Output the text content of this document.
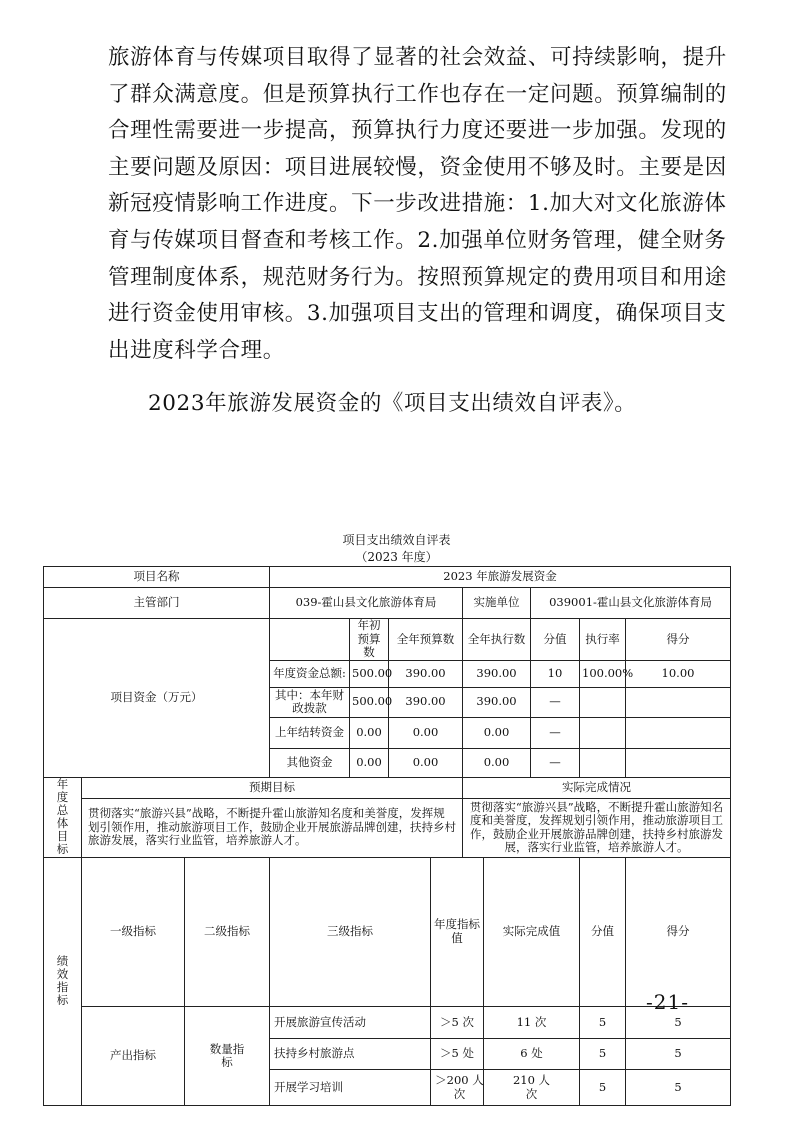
旅游体育与传媒项目取得了显著的社会效益、可持续影响，提升
了群众满意度。但是预算执行工作也存在一定问题。预算编制的
合理性需要进一步提高，预算执行力度还要进一步加强。发现的
主要问题及原因：项目进展较慢，资金使用不够及时。主要是因
新冠疫情影响工作进度。下一步改进措施：1.加大对文化旅游体
育与传媒项目督查和考核工作。2.加强单位财务管理，健全财务
管理制度体系，规范财务行为。按照预算规定的费用项目和用途
进行资金使用审核。3.加强项目支出的管理和调度，确保项目支
出进度科学合理。
2023年旅游发展资金的《项目支出绩效自评表》。
项目支出绩效自评表
（2023 年度）
项目名称			2023 年旅游发展资金									
主管部门			039-霍山县文化旅游体育局				实施单位		039001-霍山县文化旅游体育局			
项目资金（万元）				年初预算数	全年预算数		全年执行数		分值	执行率	得分	
			年度资金总额:	500.00	390.00		390.00		10	100.00%	10.00	
			其中：本年财政拨款	500.00	390.00		390.00		—			
			上年结转资金	0.00	0.00		0.00		—			
			其他资金	0.00	0.00		0.00		—			
年度总体目标	预期目标						实际完成情况					
	贯彻落实“旅游兴县”战略，不断提升霍山旅游知名度和美誉度，发挥规划引领作用，推动旅游项目工作，鼓励企业开展旅游品牌创建，扶持乡村旅游发展，落实行业监管，培养旅游人才。						贯彻落实“旅游兴县”战略，不断提升霍山旅游知名度和美誉度，发挥规划引领作用，推动旅游项目工作，鼓励企业开展旅游品牌创建，扶持乡村旅游发展，落实行业监管，培养旅游人才。					
绩效指标	一级指标	二级指标	三级指标			年度指标值		实际完成值		分值	得分	
	产出指标	数量指标	开展旅游宣传活动			＞5 次		11 次		5	5	
			扶持乡村旅游点			＞5 处		6 处		5	5	
			开展学习培训			＞200 人次		210 人次		5	5	
-21-
